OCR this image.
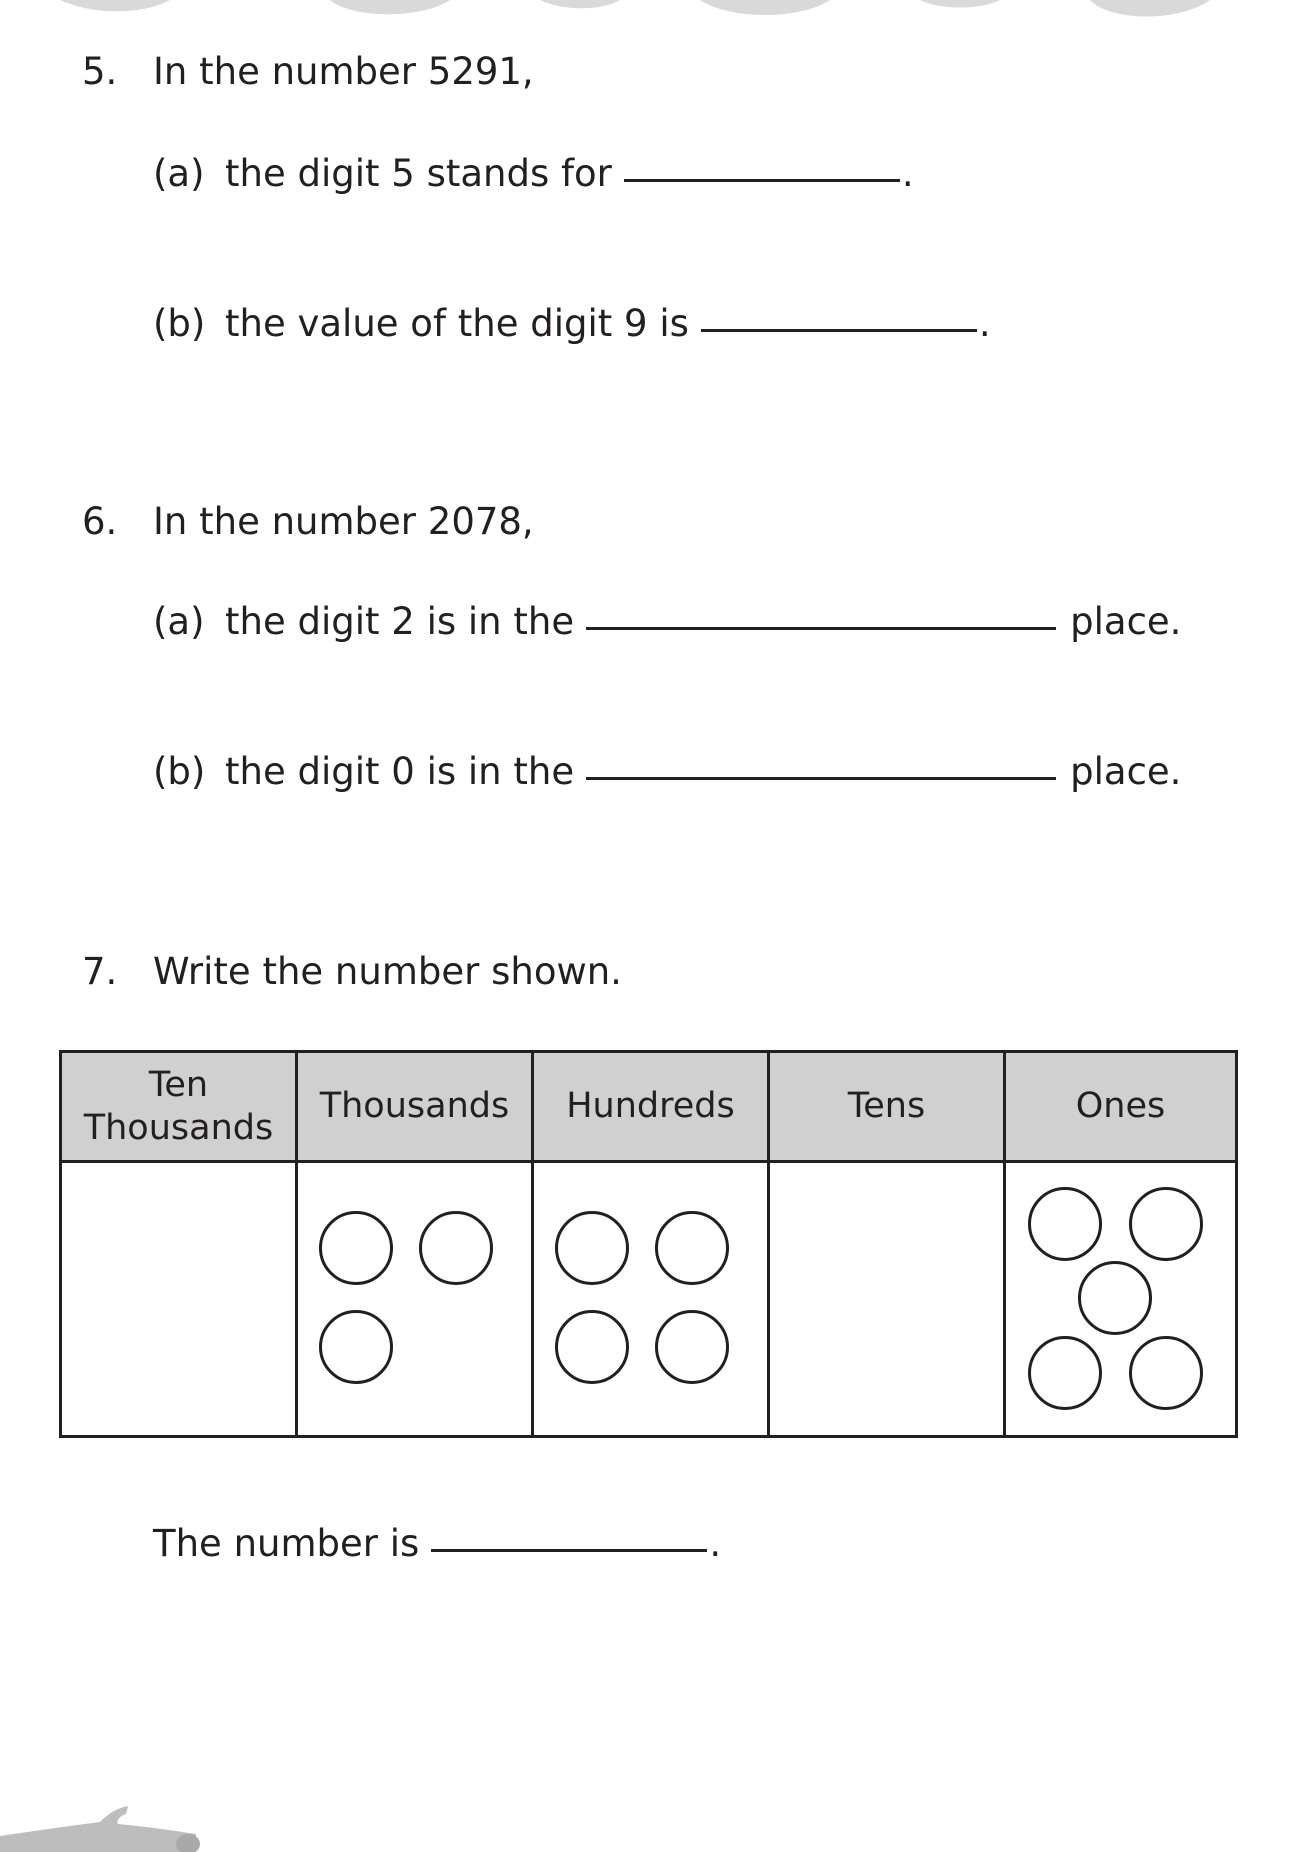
5. In the number 5291,
(a) the digit 5 stands for	.
(b) the value of the digit 9 is	.
6. In the number 2078,
(a) the digit 2 is in the	place.
(b) the digit 0 is in the	place.
7. Write the number shown.
Ten
Thousands	Thousands	Hundreds	Tens	Ones

The number is	.
